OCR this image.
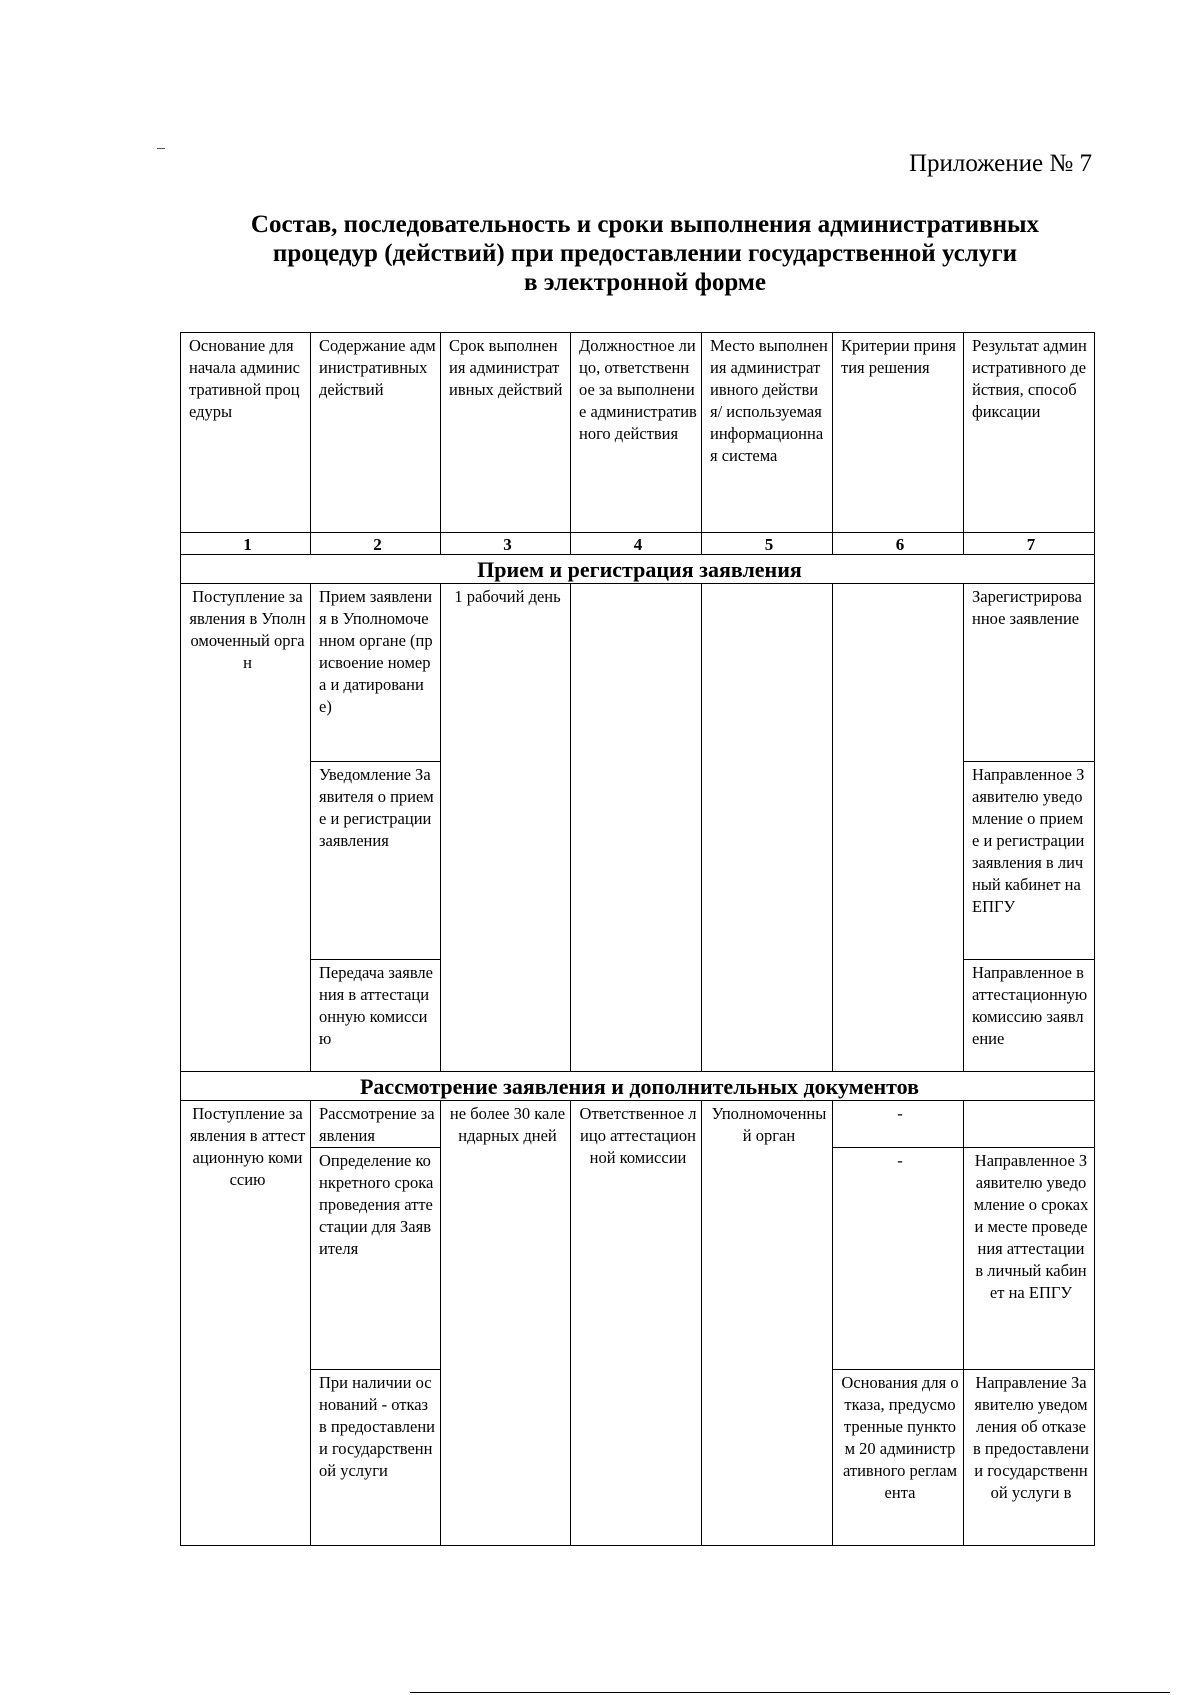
Приложение № 7
Состав, последовательность и сроки выполнения административных
процедур (действий) при предоставлении государственной услуги
в электронной форме
Основание для начала административной процедуры	Содержание административных действий	Срок выполнения административных действий	Должностное лицо, ответственное за выполнение административного действия	Место выполнения административного действия/ используемая информационная система	Критерии принятия решения	Результат административного действия, способ фиксации
1	2	3	4	5	6	7
Прием и регистрация заявления						
Поступление заявления в Уполномоченный орган	Прием заявления в Уполномоченном органе (присвоение номера и датирование)	1 рабочий день				Зарегистрированное заявление
	Уведомление Заявителя о приеме и регистрации заявления					Направленное Заявителю уведомление о приеме и регистрации заявления в личный кабинет на ЕПГУ
	Передача заявления в аттестационную комиссию					Направленное в аттестационную комиссию заявление
Рассмотрение заявления и дополнительных документов						
Поступление заявления в аттестационную комиссию	Рассмотрение заявления	не более 30 календарных дней	Ответственное лицо аттестационной комиссии	Уполномоченный орган	-	
	Определение конкретного срока проведения аттестации для Заявителя				-	Направленное Заявителю уведомление о сроках и месте проведения аттестации в личный кабинет на ЕПГУ
	При наличии оснований - отказ в предоставлении государственной услуги				Основания для отказа, предусмотренные пунктом 20 административного регламента	Направление Заявителю уведомления об отказе в предоставлении государственной услуги в
